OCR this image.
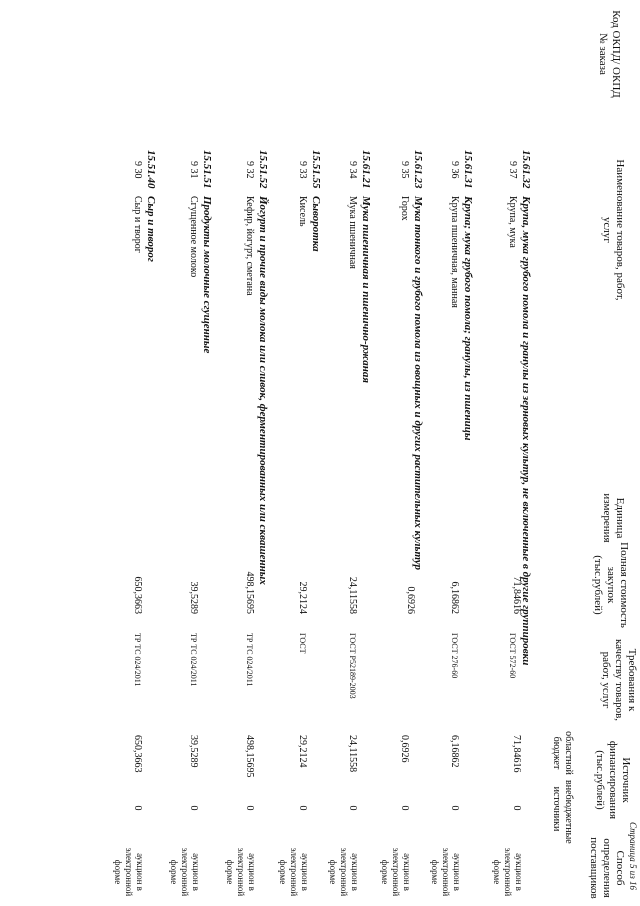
Код ОКПД/ ОКПД № заказа
Наименование товаров, работ, услуг
Единица измерения
Полная стоимость закупок (тыс.рублей)
Требования к качеству товаров, работ, услуг
Источник финансирования (тыс.рублей)
областной бюджет
внебюджетные источники
Способ определения поставщиков
15.51.40
Сыр и творог
9 30
Сыр и творог
650,3663
ТР ТС 024/2011
650,3663
0
аукцион в электронной форме
15.51.51
Продукты молочные сгущенные
9 31
Сгущенное молоко
39,5289
ТР ТС 024/2011
39,5289
0
аукцион в электронной форме
15.51.52
Йогурт и прочие виды молока или сливок, ферментированных или сквашенных
9 32
Кефир, йогурт, сметана
498,15695
ТР ТС 024/2011
498,15695
0
аукцион в электронной форме
15.51.55
Сыворотка
9 33
Кисель
29,2124
ГОСТ
29,2124
0
аукцион в электронной форме
15.61.21
Мука пшеничная и пшенично-ржаная
9 34
Мука пшеничная
24,11558
ГОСТ Р52189-2003
24,11558
0
аукцион в электронной форме
15.61.23
Мука тонкого и грубого помола из овощных и других растительных культур
9 35
Горох
0,6926
0,6926
0
аукцион в электронной форме
15.61.31
Крупа; мука грубого помола; гранулы, из пшеницы
9 36
Крупа пшеничная, манная
6,16862
ГОСТ 276-60
6,16862
0
аукцион в электронной форме
15.61.32
Крупа, мука грубого помола и гранулы из зерновых культур, не включенные в другие группировки
9 37
Крупа, мука
71,84616
ГОСТ 572-60
71,84616
0
аукцион в электронной форме	Страница 5 из 16
